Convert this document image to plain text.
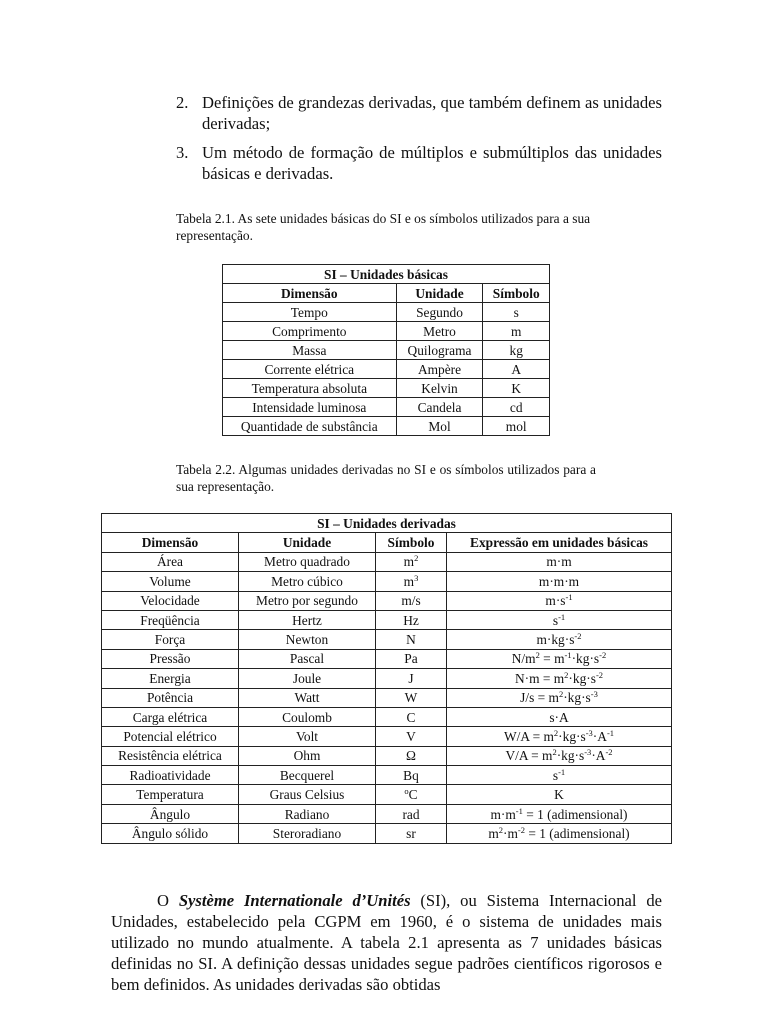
2. Definições de grandezas derivadas, que também definem as unidades derivadas;
3. Um método de formação de múltiplos e submúltiplos das unidades básicas e derivadas.
Tabela 2.1. As sete unidades básicas do SI e os símbolos utilizados para a sua representação.
SI – Unidades básicas		
Dimensão	Unidade	Símbolo
Tempo	Segundo	s
Comprimento	Metro	m
Massa	Quilograma	kg
Corrente elétrica	Ampère	A
Temperatura absoluta	Kelvin	K
Intensidade luminosa	Candela	cd
Quantidade de substância	Mol	mol
Tabela 2.2. Algumas unidades derivadas no SI e os símbolos utilizados para a sua representação.
SI – Unidades derivadas			
Dimensão	Unidade	Símbolo	Expressão em unidades básicas
Área	Metro quadrado	$m^2$	m·m
Volume	Metro cúbico	$m^3$	m·m·m
Velocidade	Metro por segundo	m/s	$m\cdot s^{-1}$
Freqüência	Hertz	Hz	$s^{-1}$
Força	Newton	N	$m\cdot kg\cdot s^{-2}$
Pressão	Pascal	Pa	$N/m^2 = m^{-1}\cdot kg\cdot s^{-2}$
Energia	Joule	J	$N\cdot m = m^2\cdot kg\cdot s^{-2}$
Potência	Watt	W	$J/s = m^2\cdot kg\cdot s^{-3}$
Carga elétrica	Coulomb	C	s·A
Potencial elétrico	Volt	V	$W/A = m^2\cdot kg\cdot s^{-3}\cdot A^{-1}$
Resistência elétrica	Ohm	Ω	$V/A = m^2\cdot kg\cdot s^{-3}\cdot A^{-2}$
Radioatividade	Becquerel	Bq	$s^{-1}$
Temperatura	Graus Celsius	$^o$C	K
Ângulo	Radiano	rad	$m\cdot m^{-1} = 1$ (adimensional)
Ângulo sólido	Steroradiano	sr	$m^2\cdot m^{-2} = 1$ (adimensional)
O Système Internationale d’Unités (SI), ou Sistema Internacional de Unidades, estabelecido pela CGPM em 1960, é o sistema de unidades mais utilizado no mundo atualmente. A tabela 2.1 apresenta as 7 unidades básicas definidas no SI. A definição dessas unidades segue padrões científicos rigorosos e bem definidos. As unidades derivadas são obtidas
